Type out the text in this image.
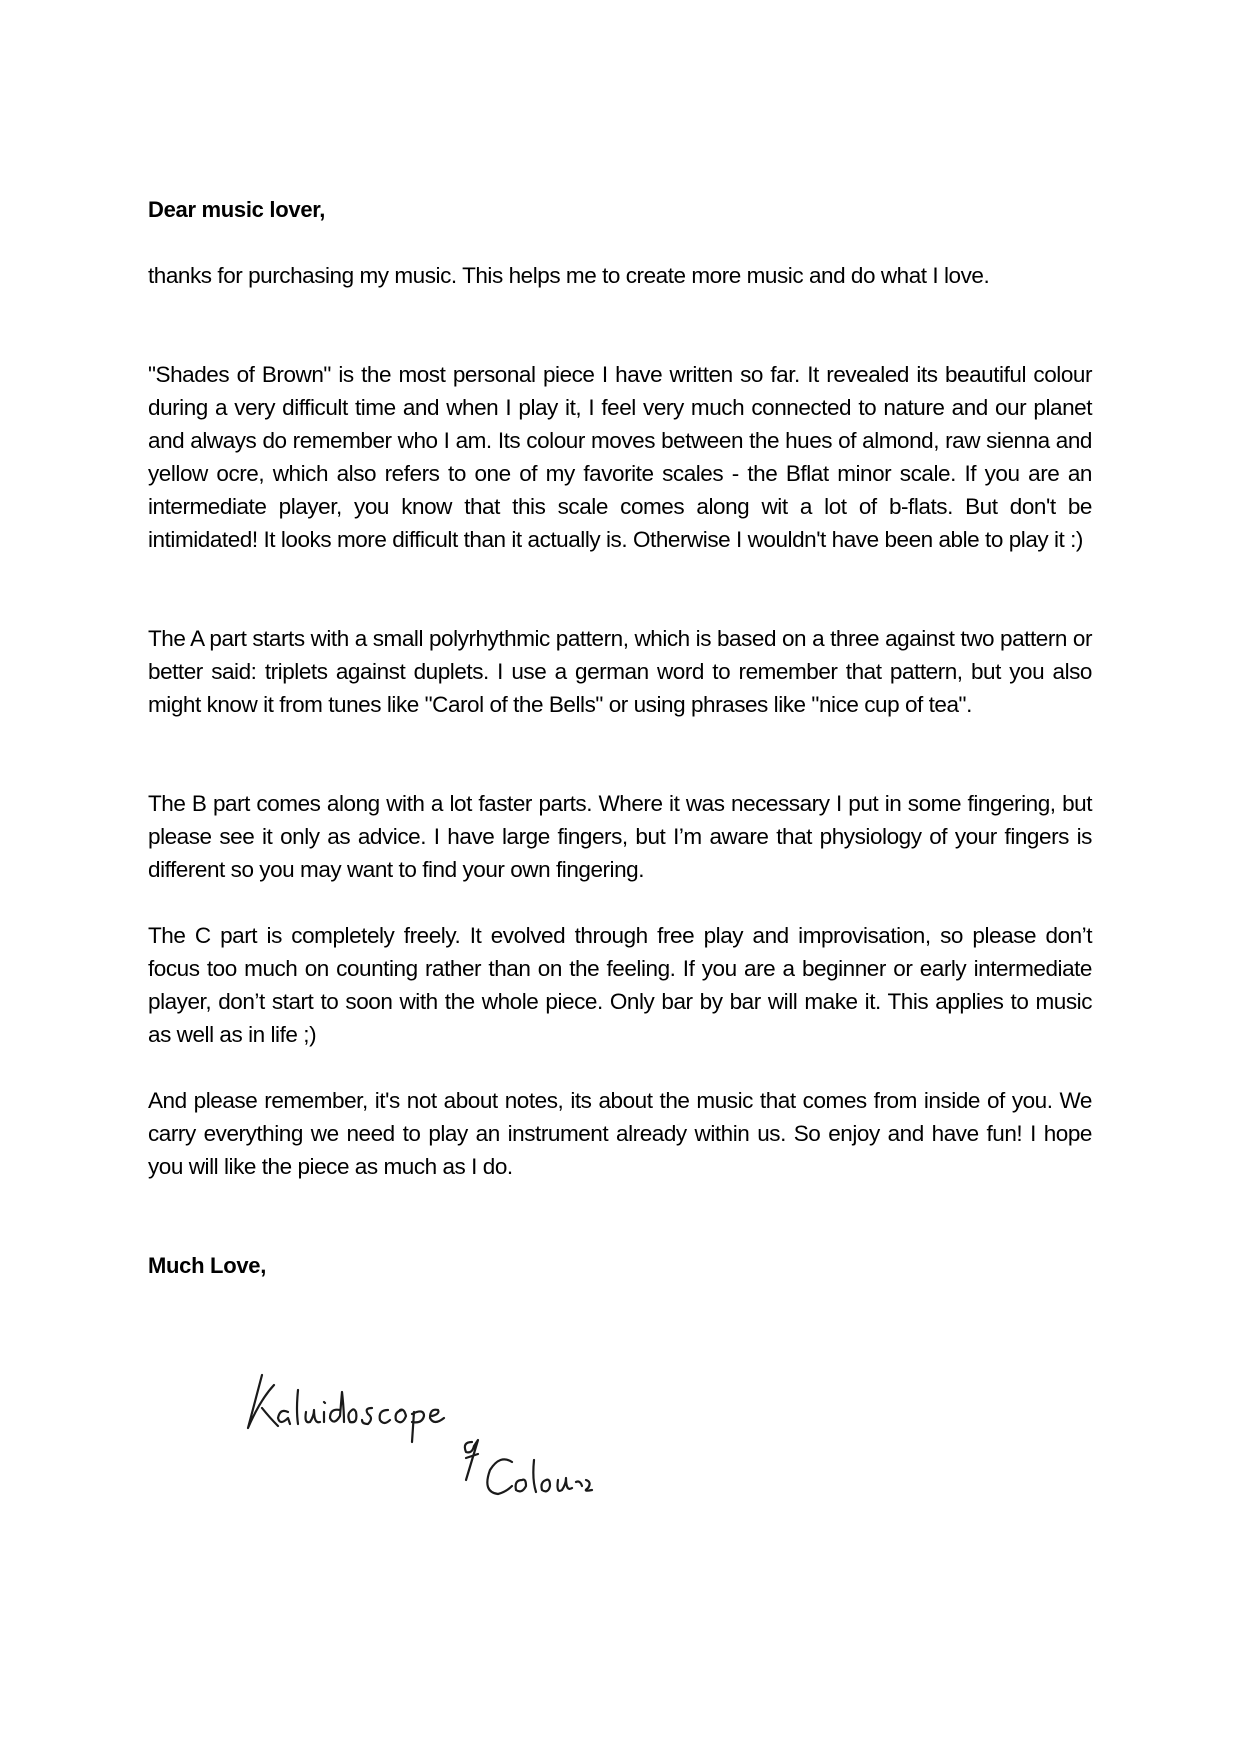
Dear music lover,
thanks for purchasing my music. This helps me to create more music and do what I love.
"Shades of Brown" is the most personal piece I have written so far. It revealed its beautiful colour during a very difficult time and when I play it, I feel very much connected to nature and our planet and always do remember who I am. Its colour moves between the hues of almond, raw sienna and yellow ocre, which also refers to one of my favorite scales - the Bflat minor scale. If you are an intermediate player, you know that this scale comes along wit a lot of b-flats. But don't be intimidated! It looks more difficult than it actually is. Otherwise I wouldn't have been able to play it :)
The A part starts with a small polyrhythmic pattern, which is based on a three against two pattern or better said: triplets against duplets. I use a german word to remember that pattern, but you also might know it from tunes like "Carol of the Bells" or using phrases like "nice cup of tea".
The B part comes along with a lot faster parts. Where it was necessary I put in some fingering, but please see it only as advice. I have large fingers, but I’m aware that physiology of your fingers is different so you may want to find your own fingering.
The C part is completely freely. It evolved through free play and improvisation, so please don’t focus too much on counting rather than on the feeling. If you are a beginner or early intermediate player, don’t start to soon with the whole piece. Only bar by bar will make it. This applies to music as well as in life ;)
And please remember, it's not about notes, its about the music that comes from inside of you. We carry everything we need to play an instrument already within us. So enjoy and have fun! I hope you will like the piece as much as I do.
Much Love,
